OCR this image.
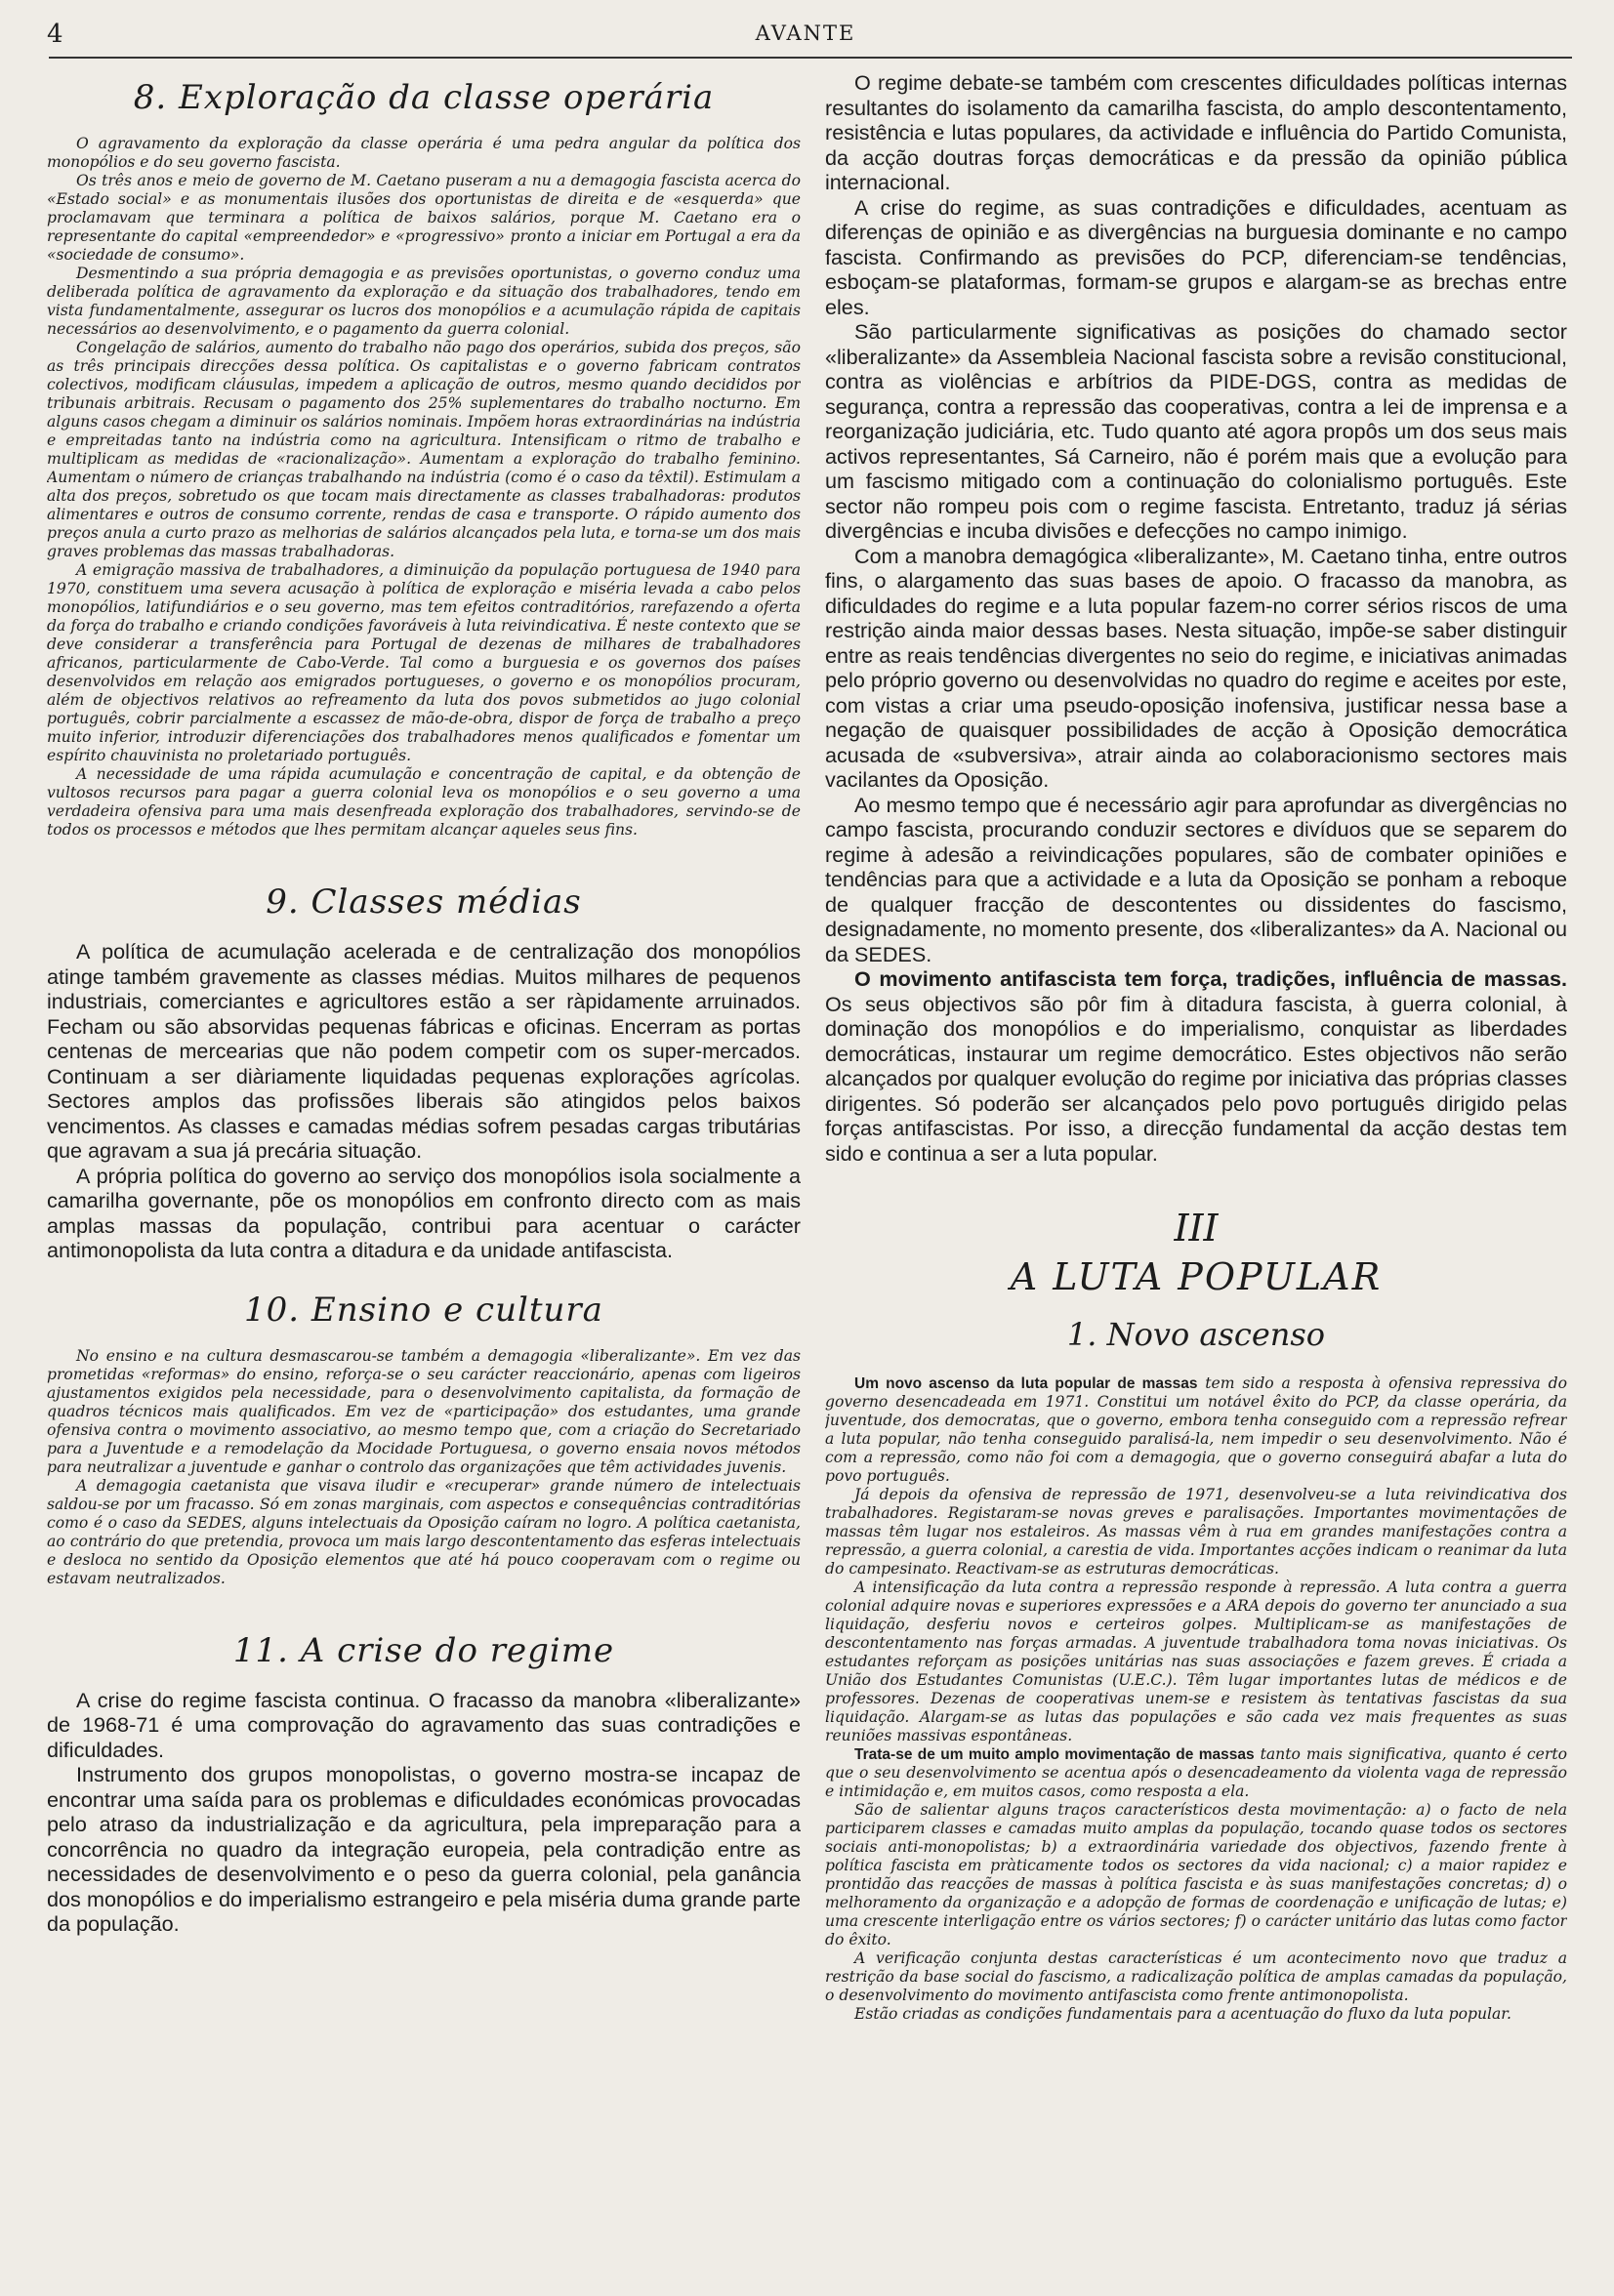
4	AVANTE
8. Exploração da classe operária

O agravamento da exploração da classe operária é uma pedra angular da política dos monopólios e do seu governo fascista.

Os três anos e meio de governo de M. Caetano puseram a nu a demagogia fascista acerca do «Estado social» e as monumentais ilusões dos oportunistas de direita e de «esquerda» que proclamavam que terminara a política de baixos salários, porque M. Caetano era o representante do capital «empreendedor» e «progressivo» pronto a iniciar em Portugal a era da «sociedade de consumo».

Desmentindo a sua própria demagogia e as previsões oportunistas, o governo conduz uma deliberada política de agravamento da exploração e da situação dos trabalhadores, tendo em vista fundamentalmente, assegurar os lucros dos monopólios e a acumulação rápida de capitais necessários ao desenvolvimento, e o pagamento da guerra colonial.

Congelação de salários, aumento do trabalho não pago dos operários, subida dos preços, são as três principais direcções dessa política. Os capitalistas e o governo fabricam contratos colectivos, modificam cláusulas, impedem a aplicação de outros, mesmo quando decididos por tribunais arbitrais. Recusam o pagamento dos 25% suplementares do trabalho nocturno. Em alguns casos chegam a diminuir os salários nominais. Impõem horas extraordinárias na indústria e empreitadas tanto na indústria como na agricultura. Intensificam o ritmo de trabalho e multiplicam as medidas de «racionalização». Aumentam a exploração do trabalho feminino. Aumentam o número de crianças trabalhando na indústria (como é o caso da têxtil). Estimulam a alta dos preços, sobretudo os que tocam mais directamente as classes trabalhadoras: produtos alimentares e outros de consumo corrente, rendas de casa e transporte. O rápido aumento dos preços anula a curto prazo as melhorias de salários alcançados pela luta, e torna-se um dos mais graves problemas das massas trabalhadoras.

A emigração massiva de trabalhadores, a diminuição da população portuguesa de 1940 para 1970, constituem uma severa acusação à política de exploração e miséria levada a cabo pelos monopólios, latifundiários e o seu governo, mas tem efeitos contraditórios, rarefazendo a oferta da força do trabalho e criando condições favoráveis à luta reivindicativa. É neste contexto que se deve considerar a transferência para Portugal de dezenas de milhares de trabalhadores africanos, particularmente de Cabo-Verde. Tal como a burguesia e os governos dos países desenvolvidos em relação aos emigrados portugueses, o governo e os monopólios procuram, além de objectivos relativos ao refreamento da luta dos povos submetidos ao jugo colonial português, cobrir parcialmente a escassez de mão-de-obra, dispor de força de trabalho a preço muito inferior, introduzir diferenciações dos trabalhadores menos qualificados e fomentar um espírito chauvinista no proletariado português.

A necessidade de uma rápida acumulação e concentração de capital, e da obtenção de vultosos recursos para pagar a guerra colonial leva os monopólios e o seu governo a uma verdadeira ofensiva para uma mais desenfreada exploração dos trabalhadores, servindo-se de todos os processos e métodos que lhes permitam alcançar aqueles seus fins.

9. Classes médias

A política de acumulação acelerada e de centralização dos monopólios atinge também gravemente as classes médias. Muitos milhares de pequenos industriais, comerciantes e agricultores estão a ser ràpidamente arruinados. Fecham ou são absorvidas pequenas fábricas e oficinas. Encerram as portas centenas de mercearias que não podem competir com os super-mercados. Continuam a ser diàriamente liquidadas pequenas explorações agrícolas. Sectores amplos das profissões liberais são atingidos pelos baixos vencimentos. As classes e camadas médias sofrem pesadas cargas tributárias que agravam a sua já precária situação.

A própria política do governo ao serviço dos monopólios isola socialmente a camarilha governante, põe os monopólios em confronto directo com as mais amplas massas da população, contribui para acentuar o carácter antimonopolista da luta contra a ditadura e da unidade antifascista.

10. Ensino e cultura

No ensino e na cultura desmascarou-se também a demagogia «liberalizante». Em vez das prometidas «reformas» do ensino, reforça-se o seu carácter reaccionário, apenas com ligeiros ajustamentos exigidos pela necessidade, para o desenvolvimento capitalista, da formação de quadros técnicos mais qualificados. Em vez de «participação» dos estudantes, uma grande ofensiva contra o movimento associativo, ao mesmo tempo que, com a criação do Secretariado para a Juventude e a remodelação da Mocidade Portuguesa, o governo ensaia novos métodos para neutralizar a juventude e ganhar o controlo das organizações que têm actividades juvenis.

A demagogia caetanista que visava iludir e «recuperar» grande número de intelectuais saldou-se por um fracasso. Só em zonas marginais, com aspectos e consequências contraditórias como é o caso da SEDES, alguns intelectuais da Oposição caíram no logro. A política caetanista, ao contrário do que pretendia, provoca um mais largo descontentamento das esferas intelectuais e desloca no sentido da Oposição elementos que até há pouco cooperavam com o regime ou estavam neutralizados.

11. A crise do regime

A crise do regime fascista continua. O fracasso da manobra «liberalizante» de 1968-71 é uma comprovação do agravamento das suas contradições e dificuldades.

Instrumento dos grupos monopolistas, o governo mostra-se incapaz de encontrar uma saída para os problemas e dificuldades económicas provocadas pelo atraso da industrialização e da agricultura, pela impreparação para a concorrência no quadro da integração europeia, pela contradição entre as necessidades de desenvolvimento e o peso da guerra colonial, pela ganância dos monopólios e do imperialismo estrangeiro e pela miséria duma grande parte da população.

O regime debate-se também com crescentes dificuldades políticas internas resultantes do isolamento da camarilha fascista, do amplo descontentamento, resistência e lutas populares, da actividade e influência do Partido Comunista, da acção doutras forças democráticas e da pressão da opinião pública internacional.

A crise do regime, as suas contradições e dificuldades, acentuam as diferenças de opinião e as divergências na burguesia dominante e no campo fascista. Confirmando as previsões do PCP, diferenciam-se tendências, esboçam-se plataformas, formam-se grupos e alargam-se as brechas entre eles.

São particularmente significativas as posições do chamado sector «liberalizante» da Assembleia Nacional fascista sobre a revisão constitucional, contra as violências e arbítrios da PIDE-DGS, contra as medidas de segurança, contra a repressão das cooperativas, contra a lei de imprensa e a reorganização judiciária, etc. Tudo quanto até agora propôs um dos seus mais activos representantes, Sá Carneiro, não é porém mais que a evolução para um fascismo mitigado com a continuação do colonialismo português. Este sector não rompeu pois com o regime fascista. Entretanto, traduz já sérias divergências e incuba divisões e defecções no campo inimigo.

Com a manobra demagógica «liberalizante», M. Caetano tinha, entre outros fins, o alargamento das suas bases de apoio. O fracasso da manobra, as dificuldades do regime e a luta popular fazem-no correr sérios riscos de uma restrição ainda maior dessas bases. Nesta situação, impõe-se saber distinguir entre as reais tendências divergentes no seio do regime, e iniciativas animadas pelo próprio governo ou desenvolvidas no quadro do regime e aceites por este, com vistas a criar uma pseudo-oposição inofensiva, justificar nessa base a negação de quaisquer possibilidades de acção à Oposição democrática acusada de «subversiva», atrair ainda ao colaboracionismo sectores mais vacilantes da Oposição.

Ao mesmo tempo que é necessário agir para aprofundar as divergências no campo fascista, procurando conduzir sectores e divíduos que se separem do regime à adesão a reivindicações populares, são de combater opiniões e tendências para que a actividade e a luta da Oposição se ponham a reboque de qualquer fracção de descontentes ou dissidentes do fascismo, designadamente, no momento presente, dos «liberalizantes» da A. Nacional ou da SEDES.

O movimento antifascista tem força, tradições, influência de massas. Os seus objectivos são pôr fim à ditadura fascista, à guerra colonial, à dominação dos monopólios e do imperialismo, conquistar as liberdades democráticas, instaurar um regime democrático. Estes objectivos não serão alcançados por qualquer evolução do regime por iniciativa das próprias classes dirigentes. Só poderão ser alcançados pelo povo português dirigido pelas forças antifascistas. Por isso, a direcção fundamental da acção destas tem sido e continua a ser a luta popular.

III
A LUTA POPULAR
1. Novo ascenso

Um novo ascenso da luta popular de massas tem sido a resposta à ofensiva repressiva do governo desencadeada em 1971. Constitui um notável êxito do PCP, da classe operária, da juventude, dos democratas, que o governo, embora tenha conseguido com a repressão refrear a luta popular, não tenha conseguido paralisá-la, nem impedir o seu desenvolvimento. Não é com a repressão, como não foi com a demagogia, que o governo conseguirá abafar a luta do povo português.

Já depois da ofensiva de repressão de 1971, desenvolveu-se a luta reivindicativa dos trabalhadores. Registaram-se novas greves e paralisações. Importantes movimentações de massas têm lugar nos estaleiros. As massas vêm à rua em grandes manifestações contra a repressão, a guerra colonial, a carestia de vida. Importantes acções indicam o reanimar da luta do campesinato. Reactivam-se as estruturas democráticas.

A intensificação da luta contra a repressão responde à repressão. A luta contra a guerra colonial adquire novas e superiores expressões e a ARA depois do governo ter anunciado a sua liquidação, desferiu novos e certeiros golpes. Multiplicam-se as manifestações de descontentamento nas forças armadas. A juventude trabalhadora toma novas iniciativas. Os estudantes reforçam as posições unitárias nas suas associações e fazem greves. É criada a União dos Estudantes Comunistas (U.E.C.). Têm lugar importantes lutas de médicos e de professores. Dezenas de cooperativas unem-se e resistem às tentativas fascistas da sua liquidação. Alargam-se as lutas das populações e são cada vez mais frequentes as suas reuniões massivas espontâneas.

Trata-se de um muito amplo movimentação de massas tanto mais significativa, quanto é certo que o seu desenvolvimento se acentua após o desencadeamento da violenta vaga de repressão e intimidação e, em muitos casos, como resposta a ela.

São de salientar alguns traços característicos desta movimentação: a) o facto de nela participarem classes e camadas muito amplas da população, tocando quase todos os sectores sociais anti-monopolistas; b) a extraordinária variedade dos objectivos, fazendo frente à política fascista em pràticamente todos os sectores da vida nacional; c) a maior rapidez e prontidão das reacções de massas à política fascista e às suas manifestações concretas; d) o melhoramento da organização e a adopção de formas de coordenação e unificação de lutas; e) uma crescente interligação entre os vários sectores; f) o carácter unitário das lutas como factor do êxito.

A verificação conjunta destas características é um acontecimento novo que traduz a restrição da base social do fascismo, a radicalização política de amplas camadas da população, o desenvolvimento do movimento antifascista como frente antimonopolista.

Estão criadas as condições fundamentais para a acentuação do fluxo da luta popular.
